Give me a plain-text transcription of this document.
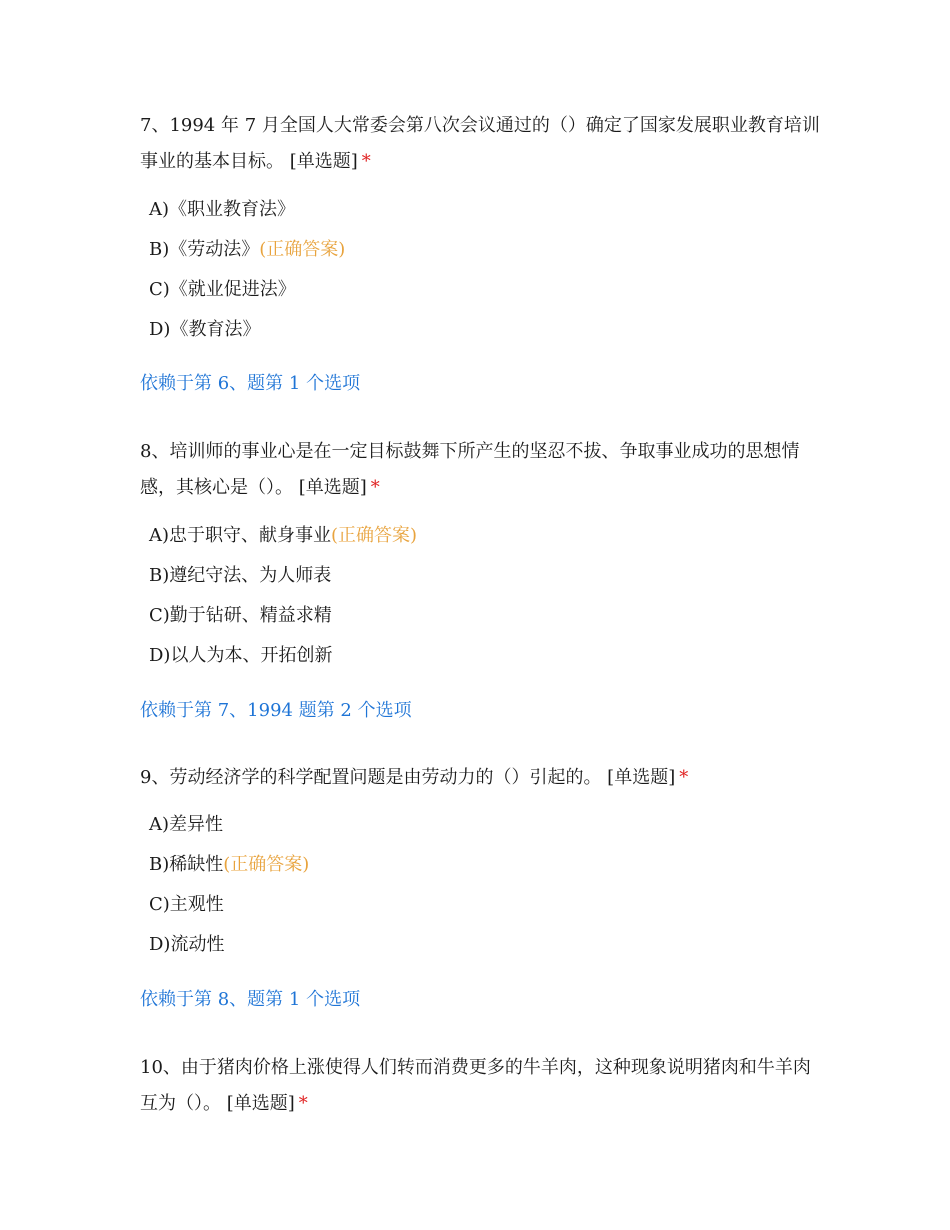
7、1994 年 7 月全国人大常委会第八次会议通过的（）确定了国家发展职业教育培训事业的基本目标。 [单选题] *
A)《职业教育法》
B)《劳动法》(正确答案)
C)《就业促进法》
D)《教育法》
依赖于第 6、题第 1 个选项
8、培训师的事业心是在一定目标鼓舞下所产生的坚忍不拔、争取事业成功的思想情感，其核心是（）。 [单选题] *
A)忠于职守、献身事业(正确答案)
B)遵纪守法、为人师表
C)勤于钻研、精益求精
D)以人为本、开拓创新
依赖于第 7、1994 题第 2 个选项
9、劳动经济学的科学配置问题是由劳动力的（）引起的。 [单选题] *
A)差异性
B)稀缺性(正确答案)
C)主观性
D)流动性
依赖于第 8、题第 1 个选项
10、由于猪肉价格上涨使得人们转而消费更多的牛羊肉，这种现象说明猪肉和牛羊肉互为（）。 [单选题] *
